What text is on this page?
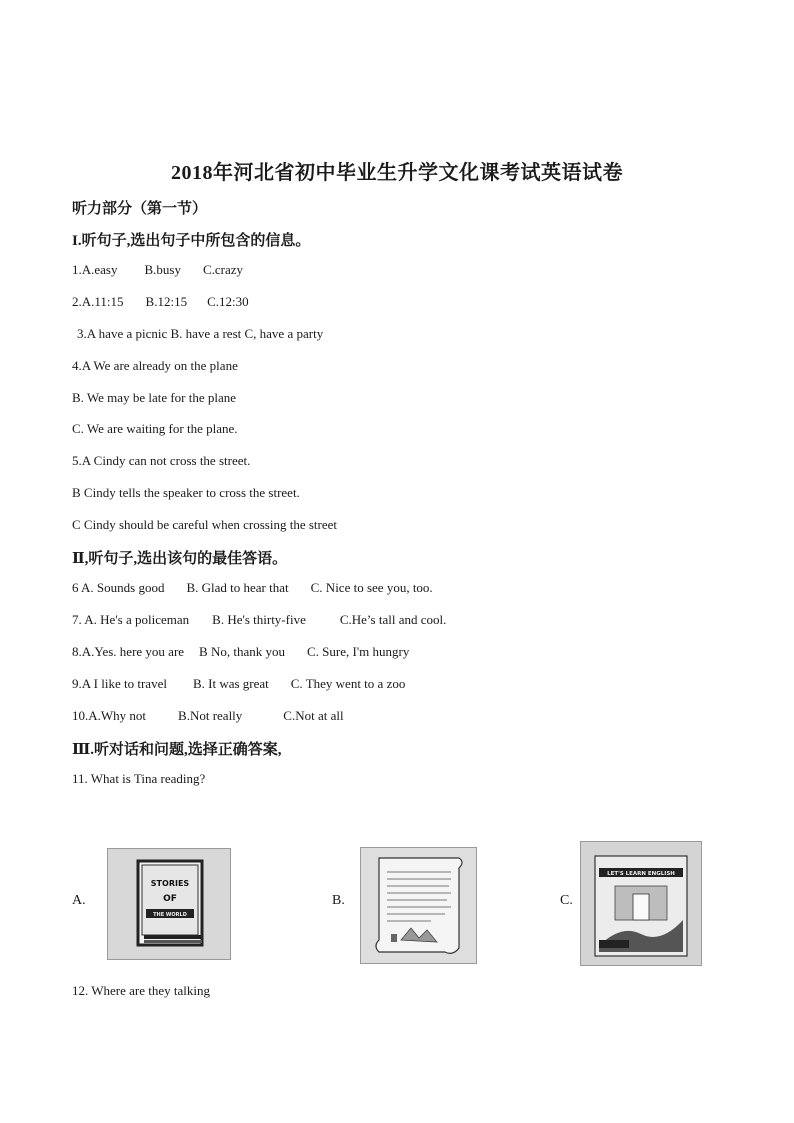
2018年河北省初中毕业生升学文化课考试英语试卷
听力部分（第一节）
I.听句子,选出句子中所包含的信息。
1.A.easy B.busy C.crazy
2.A.11:15 B.12:15 C.12:30
3.A have a picnic B. have a rest C, have a party
4.A We are already on the plane
B. We may be late for the plane
C. We are waiting for the plane.
5.A Cindy can not cross the street.
B Cindy tells the speaker to cross the street.
C Cindy should be careful when crossing the street
Ⅱ,听句子,选出该句的最佳答语。
6 A. Sounds good B. Glad to hear that C. Nice to see you, too.
7. A. He's a policeman B. He's thirty-five	C.He’s tall and cool.
8.A.Yes. here you are B No, thank you C. Sure, I'm hungry
9.A I like to travel B. It was great C. They went to a zoo
10.A.Why not B.Not really	C.Not at all
Ⅲ.听对话和问题,选择正确答案,
11. What is Tina reading?
A.
STORIES
OF
THE WORLD
B.	C.
LET'S LEARN ENGLISH
12. Where are they talking
